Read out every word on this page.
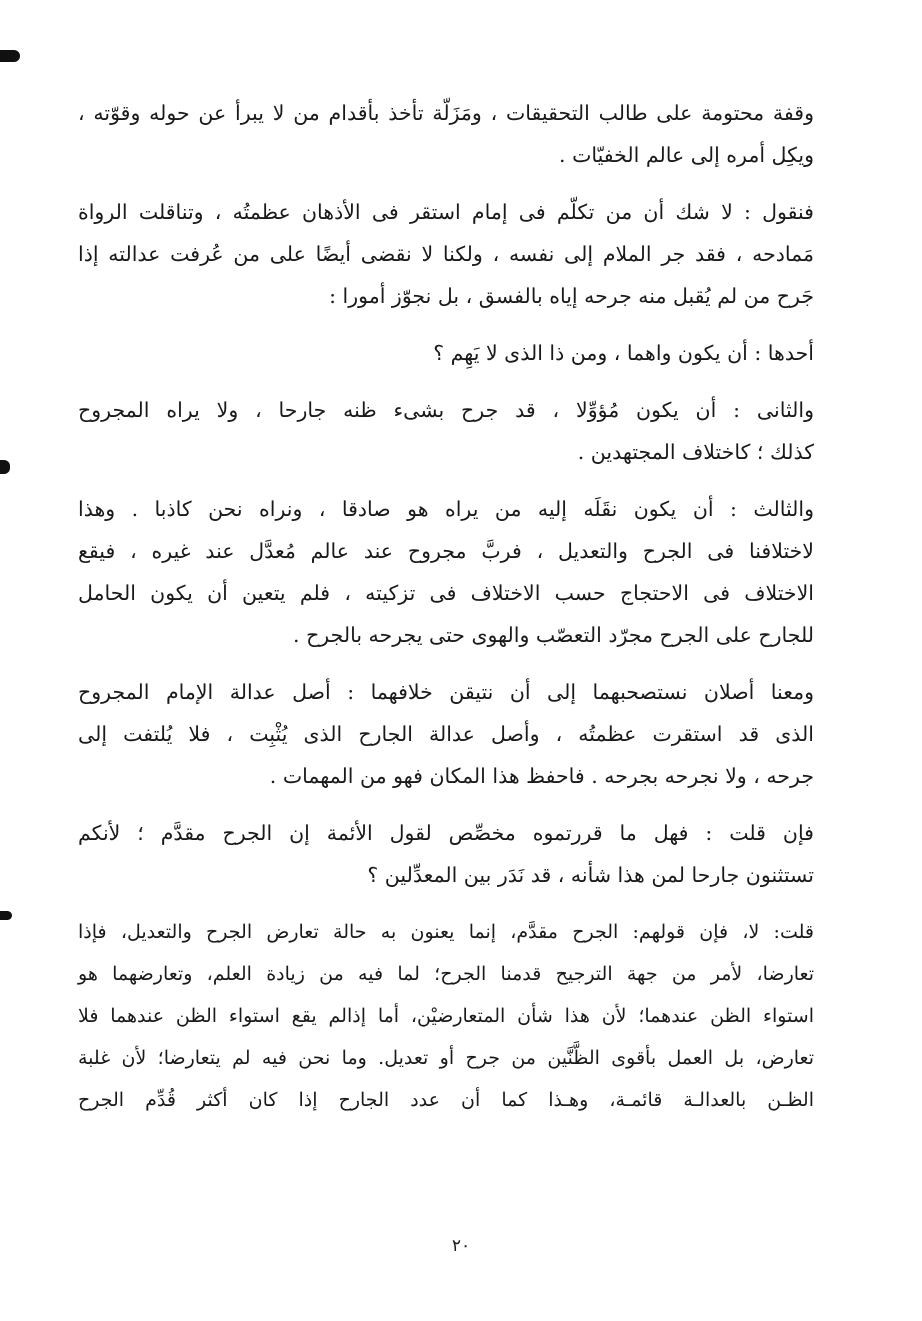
وقفة محتومة على طالب التحقيقات ، ومَزَلّة تأخذ بأقدام من لا يبرأ عن حوله وقوّته ،
ويكِل أمره إلى عالم الخفيّات .
فنقول : لا شك أن من تكلّم فى إمام استقر فى الأذهان عظمتُه ، وتناقلت الرواة
مَمادحه ، فقد جر الملام إلى نفسه ، ولكنا لا نقضى أيضًا على من عُرفت عدالته إذا
جَرح من لم يُقبل منه جرحه إياه بالفسق ، بل نجوّز أمورا :
أحدها : أن يكون واهما ، ومن ذا الذى لا يَهِم ؟
والثانى : أن يكون مُؤوِّلا ، قد جرح بشىء ظنه جارحا ، ولا يراه المجروح
كذلك ؛ كاختلاف المجتهدين .
والثالث : أن يكون نقَلَه إليه من يراه هو صادقا ، ونراه نحن كاذبا . وهذا
لاختلافنا فى الجرح والتعديل ، فربَّ مجروح عند عالم مُعدَّل عند غيره ، فيقع
الاختلاف فى الاحتجاج حسب الاختلاف فى تزكيته ، فلم يتعين أن يكون الحامل
للجارح على الجرح مجرّد التعصّب والهوى حتى يجرحه بالجرح .
ومعنا أصلان نستصحبهما إلى أن نتيقن خلافهما : أصل عدالة الإمام المجروح
الذى قد استقرت عظمتُه ، وأصل عدالة الجارح الذى يُثْبِت ، فلا يُلتفت إلى
جرحه ، ولا نجرحه بجرحه . فاحفظ هذا المكان فهو من المهمات .
فإن قلت : فهل ما قررتموه مخصِّص لقول الأئمة إن الجرح مقدَّم ؛ لأنكم
تستثنون جارحا لمن هذا شأنه ، قد نَدَر بين المعدِّلين ؟
قلت: لا، فإن قولهم: الجرح مقدَّم، إنما يعنون به حالة تعارض الجرح والتعديل، فإذا
تعارضا، لأمر من جهة الترجيح قدمنا الجرح؛ لما فيه من زيادة العلم، وتعارضهما هو
استواء الظن عندهما؛ لأن هذا شأن المتعارضيْن، أما إذالم يقع استواء الظن عندهما فلا
تعارض، بل العمل بأقوى الظَّنَّين من جرح أو تعديل. وما نحن فيه لم يتعارضا؛ لأن غلبة
الظـن بالعدالـة قائمـة، وهـذا كما أن عدد الجارح إذا كان أكثر قُدِّم الجرح
٢٠
